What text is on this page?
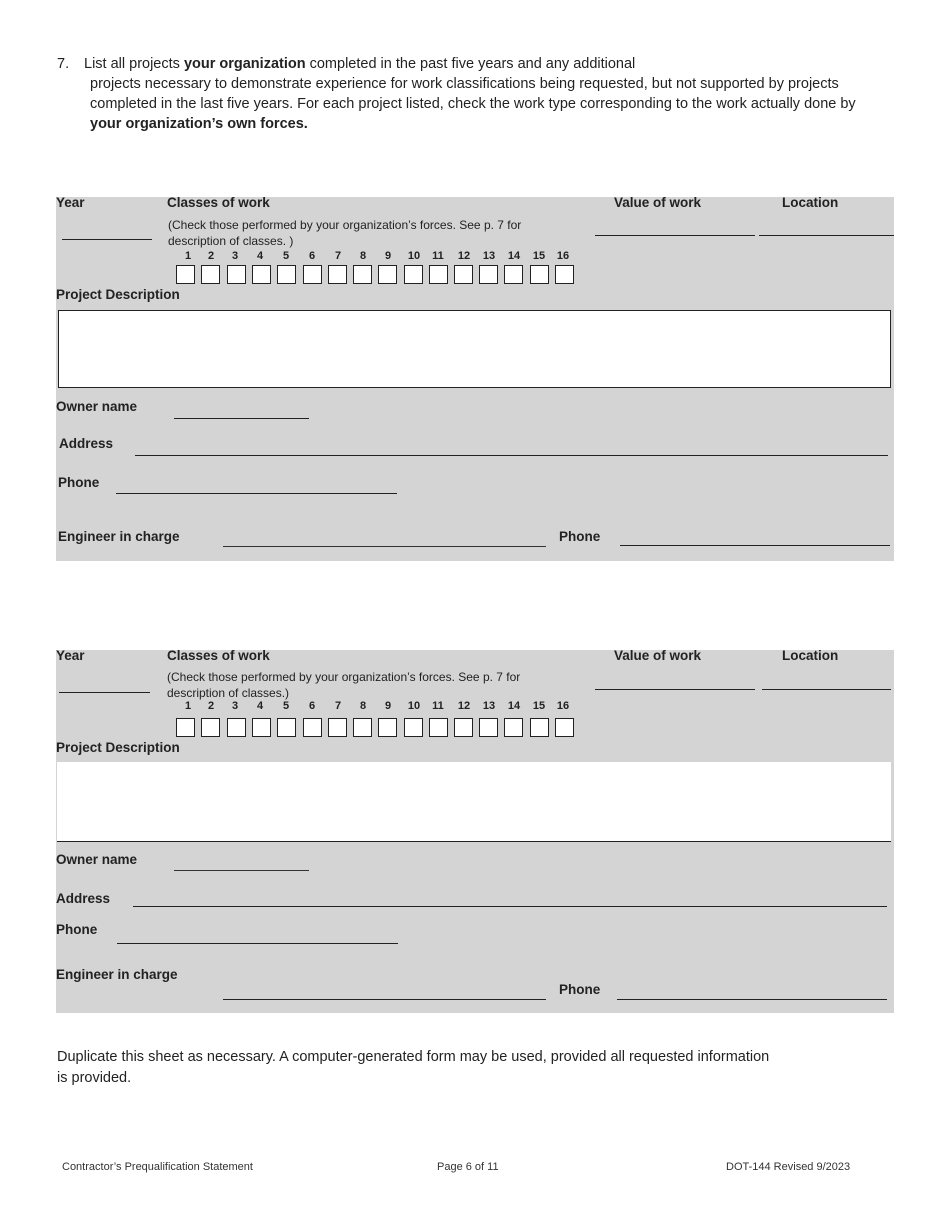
7. List all projects your organization completed in the past five years and any additional
projects necessary to demonstrate experience for work classifications being requested, but not supported by projects completed in the last five years. For each project listed, check the work type corresponding to the work actually done by your organization’s own forces.
Year	Classes of work
(Check those performed by your organization’s forces. See p. 7 for description of classes. )
Value of work	Location
1	2	3	4	5	6	7	8	9	10	11	12	13	14	15	16
Project Description
Owner name
Address
Phone
Engineer in charge	Phone
Year	Classes of work
(Check those performed by your organization’s forces. See p. 7 for description of classes.)
Value of work	Location
1	2	3	4	5	6	7	8	9	10	11	12	13	14	15	16
Project Description
Owner name
Address
Phone
Engineer in charge
Phone
Duplicate this sheet as necessary. A computer-generated form may be used, provided all requested information is provided.
Contractor’s Prequalification Statement	Page 6 of 11	DOT-144 Revised 9/2023
